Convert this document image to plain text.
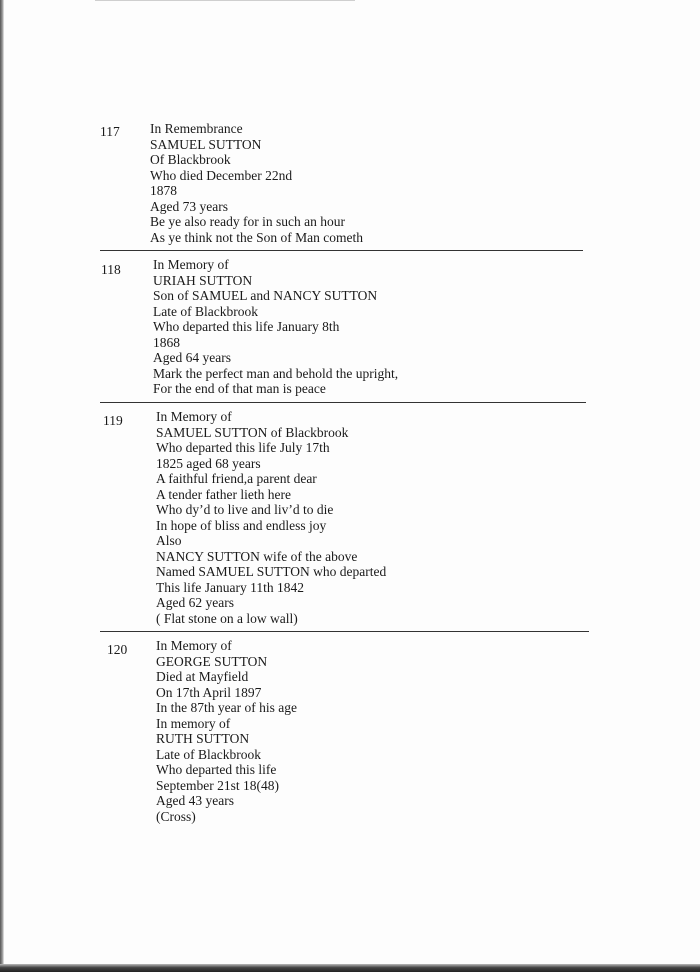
117 In Remembrance
SAMUEL SUTTON
Of Blackbrook
Who died December 22nd
1878
Aged 73 years
Be ye also ready for in such an hour
As ye think not the Son of Man cometh
118 In Memory of
URIAH SUTTON
Son of SAMUEL and NANCY SUTTON
Late of Blackbrook
Who departed this life January 8th
1868
Aged 64 years
Mark the perfect man and behold the upright,
For the end of that man is peace
119 In Memory of
SAMUEL SUTTON of Blackbrook
Who departed this life July 17th
1825 aged 68 years
A faithful friend,a parent dear
A tender father lieth here
Who dy’d to live and liv’d to die
In hope of bliss and endless joy
Also
NANCY SUTTON wife of the above
Named SAMUEL SUTTON who departed
This life January 11th 1842
Aged 62 years
( Flat stone on a low wall)
120 In Memory of
GEORGE SUTTON
Died at Mayfield
On 17th April 1897
In the 87th year of his age
In memory of
RUTH SUTTON
Late of Blackbrook
Who departed this life
September 21st 18(48)
Aged 43 years
(Cross)
